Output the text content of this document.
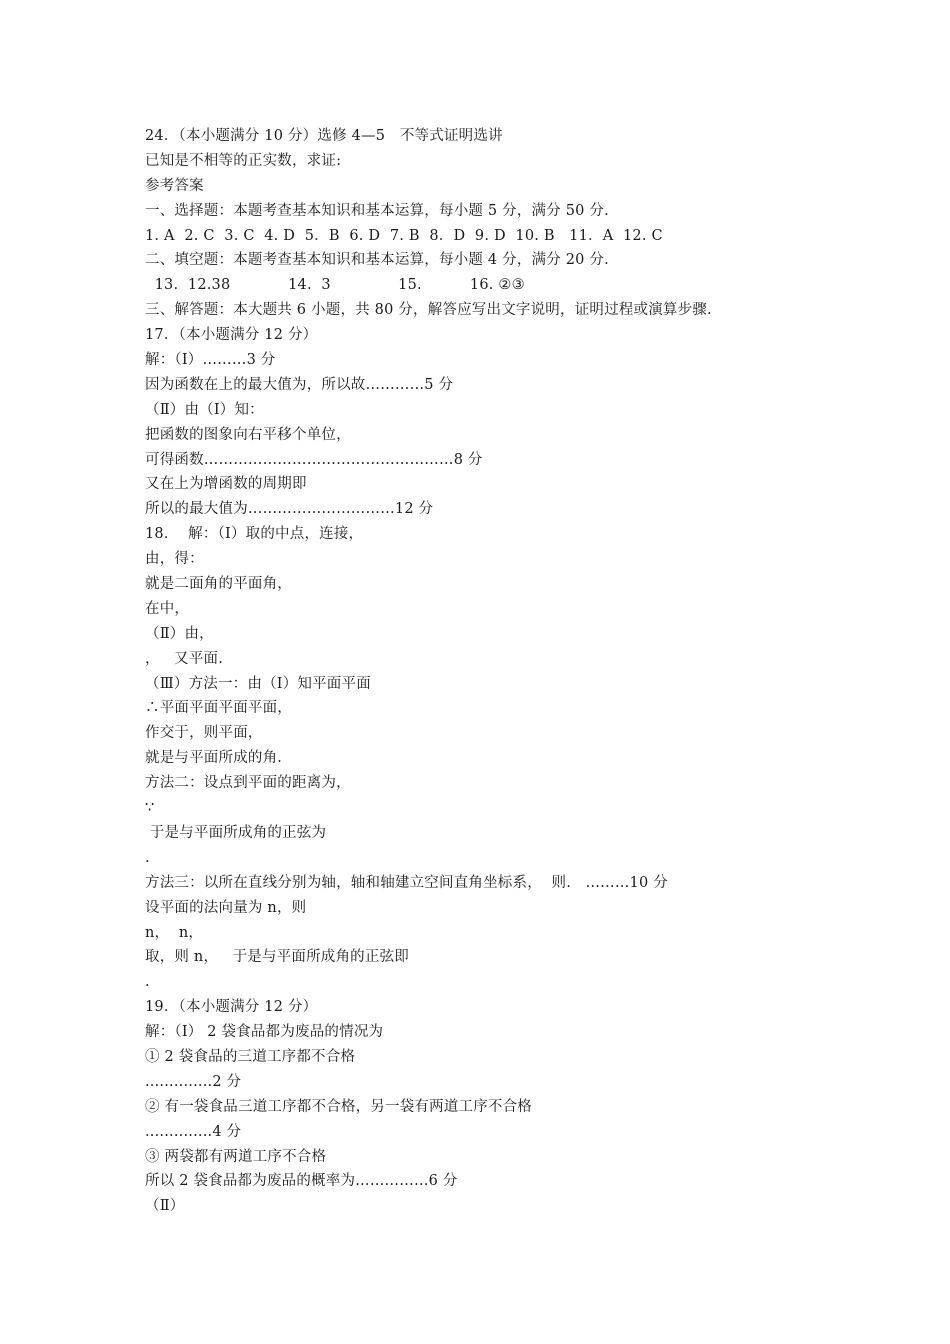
24．（本小题满分 10 分）选修 4—5　不等式证明选讲
已知是不相等的正实数，求证:
参考答案
一、选择题：本题考查基本知识和基本运算，每小题 5 分，满分 50 分.
1. A  2. C  3. C  4. D  5．B  6. D  7. B  8．D  9. D  10. B   11．A  12. C
二、填空题：本题考查基本知识和基本运算，每小题 4 分，满分 20 分.
13.  12.38            14.  3              15.          16. ②③
三、解答题：本大题共 6 小题，共 80 分，解答应写出文字说明，证明过程或演算步骤.
17．（本小题满分 12 分）
解：（Ⅰ）………3 分
因为函数在上的最大值为，所以故…………5 分
（Ⅱ）由（Ⅰ）知：
把函数的图象向右平移个单位，
可得函数……………………………………………8 分
又在上为增函数的周期即
所以的最大值为…………………………12 分
18．  解：（Ⅰ）取的中点，连接，
由，得：
就是二面角的平面角，
在中，
（Ⅱ）由，
，   又平面.
（Ⅲ）方法一：由（Ⅰ）知平面平面
∴平面平面平面平面，
作交于，则平面，
就是与平面所成的角.
方法二：设点到平面的距离为，
∵
于是与平面所成角的正弦为
.
方法三：以所在直线分别为轴，轴和轴建立空间直角坐标系，  则.   ………10 分
设平面的法向量为 n，则
n，  n，
取，则 n，   于是与平面所成角的正弦即
.
19．（本小题满分 12 分）
解：（Ⅰ） 2 袋食品都为废品的情况为
① 2 袋食品的三道工序都不合格
..............2 分
② 有一袋食品三道工序都不合格，另一袋有两道工序不合格
..............4 分
③ 两袋都有两道工序不合格
所以 2 袋食品都为废品的概率为……………6 分
（Ⅱ）
